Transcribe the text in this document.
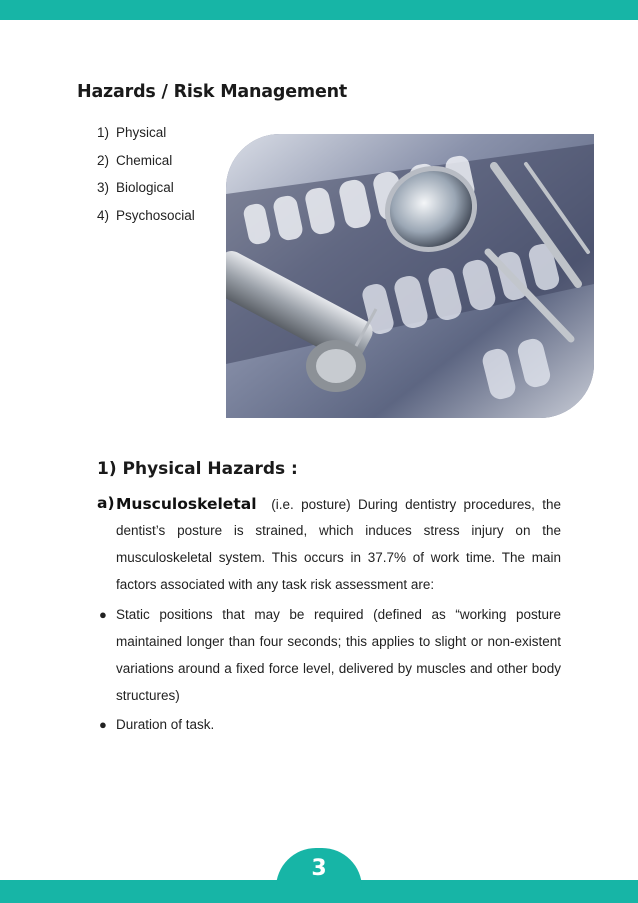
Hazards / Risk Management
1) Physical
2) Chemical
3) Biological
4) Psychosocial
1) Physical Hazards :
a) Musculoskeletal (i.e. posture) During dentistry procedures, the
dentist’s posture is strained, which induces stress injury on the
musculoskeletal system. This occurs in 37.7% of work time. The main
factors associated with any task risk assessment are:
● Static positions that may be required (defined as “working posture
maintained longer than four seconds; this applies to slight or non-existent
variations around a fixed force level, delivered by muscles and other body
structures)
● Duration of task.
3
